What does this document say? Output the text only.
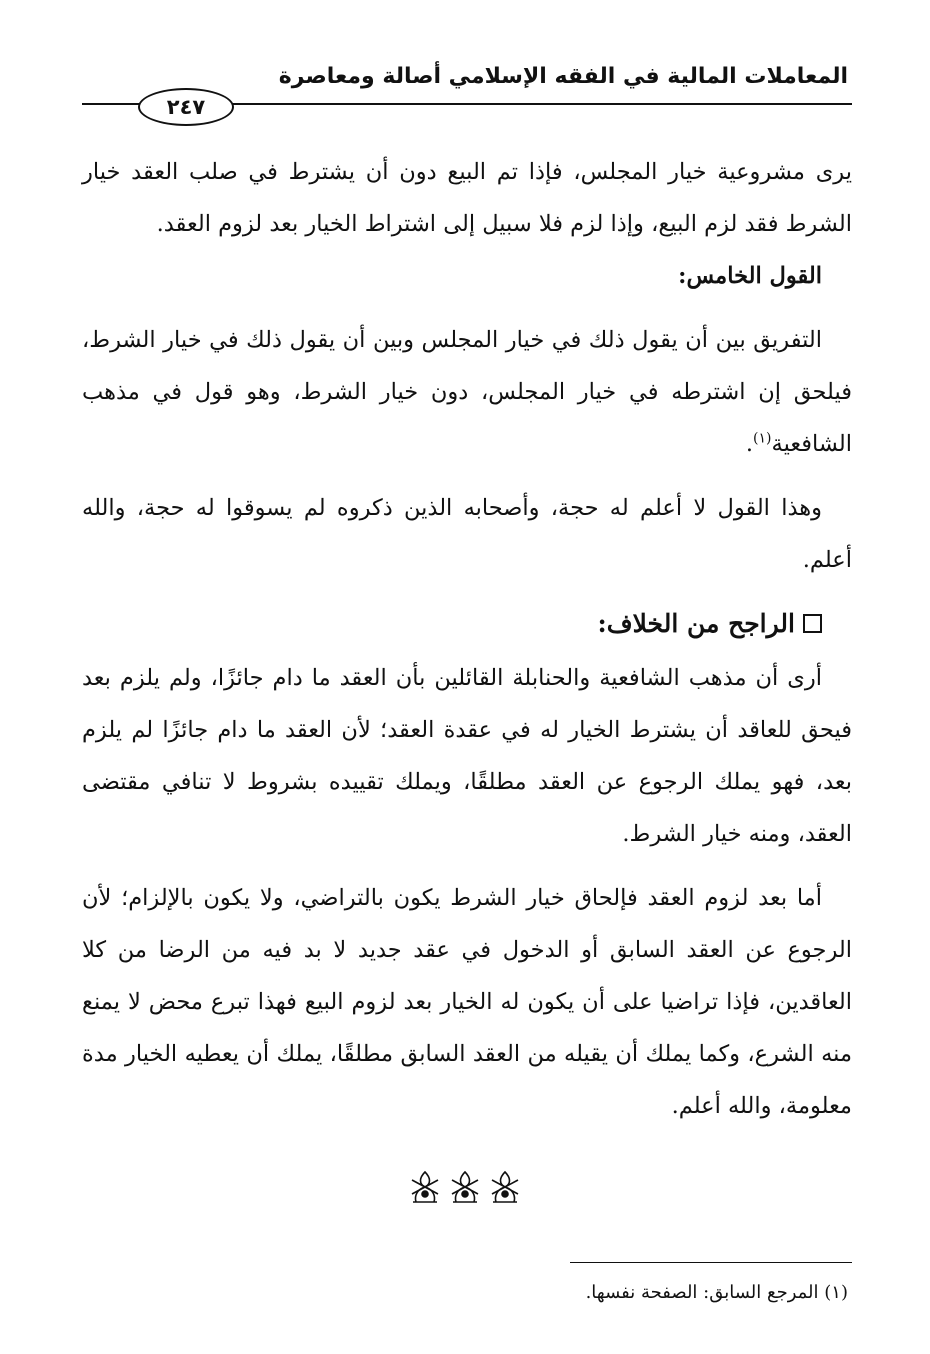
المعاملات المالية في الفقه الإسلامي أصالة ومعاصرة
٢٤٧

يرى مشروعية خيار المجلس، فإذا تم البيع دون أن يشترط في صلب العقد خيار الشرط فقد لزم البيع، وإذا لزم فلا سبيل إلى اشتراط الخيار بعد لزوم العقد.

القول الخامس:

التفريق بين أن يقول ذلك في خيار المجلس وبين أن يقول ذلك في خيار الشرط، فيلحق إن اشترطه في خيار المجلس، دون خيار الشرط، وهو قول في مذهب الشافعية$^{(١)}$.

وهذا القول لا أعلم له حجة، وأصحابه الذين ذكروه لم يسوقوا له حجة، والله أعلم.

الراجح من الخلاف:

أرى أن مذهب الشافعية والحنابلة القائلين بأن العقد ما دام جائزًا، ولم يلزم بعد فيحق للعاقد أن يشترط الخيار له في عقدة العقد؛ لأن العقد ما دام جائزًا لم يلزم بعد، فهو يملك الرجوع عن العقد مطلقًا، ويملك تقييده بشروط لا تنافي مقتضى العقد، ومنه خيار الشرط.

أما بعد لزوم العقد فإلحاق خيار الشرط يكون بالتراضي، ولا يكون بالإلزام؛ لأن الرجوع عن العقد السابق أو الدخول في عقد جديد لا بد فيه من الرضا من كلا العاقدين، فإذا تراضيا على أن يكون له الخيار بعد لزوم البيع فهذا تبرع محض لا يمنع منه الشرع، وكما يملك أن يقيله من العقد السابق مطلقًا، يملك أن يعطيه الخيار مدة معلومة، والله أعلم.

(١) المرجع السابق: الصفحة نفسها.
